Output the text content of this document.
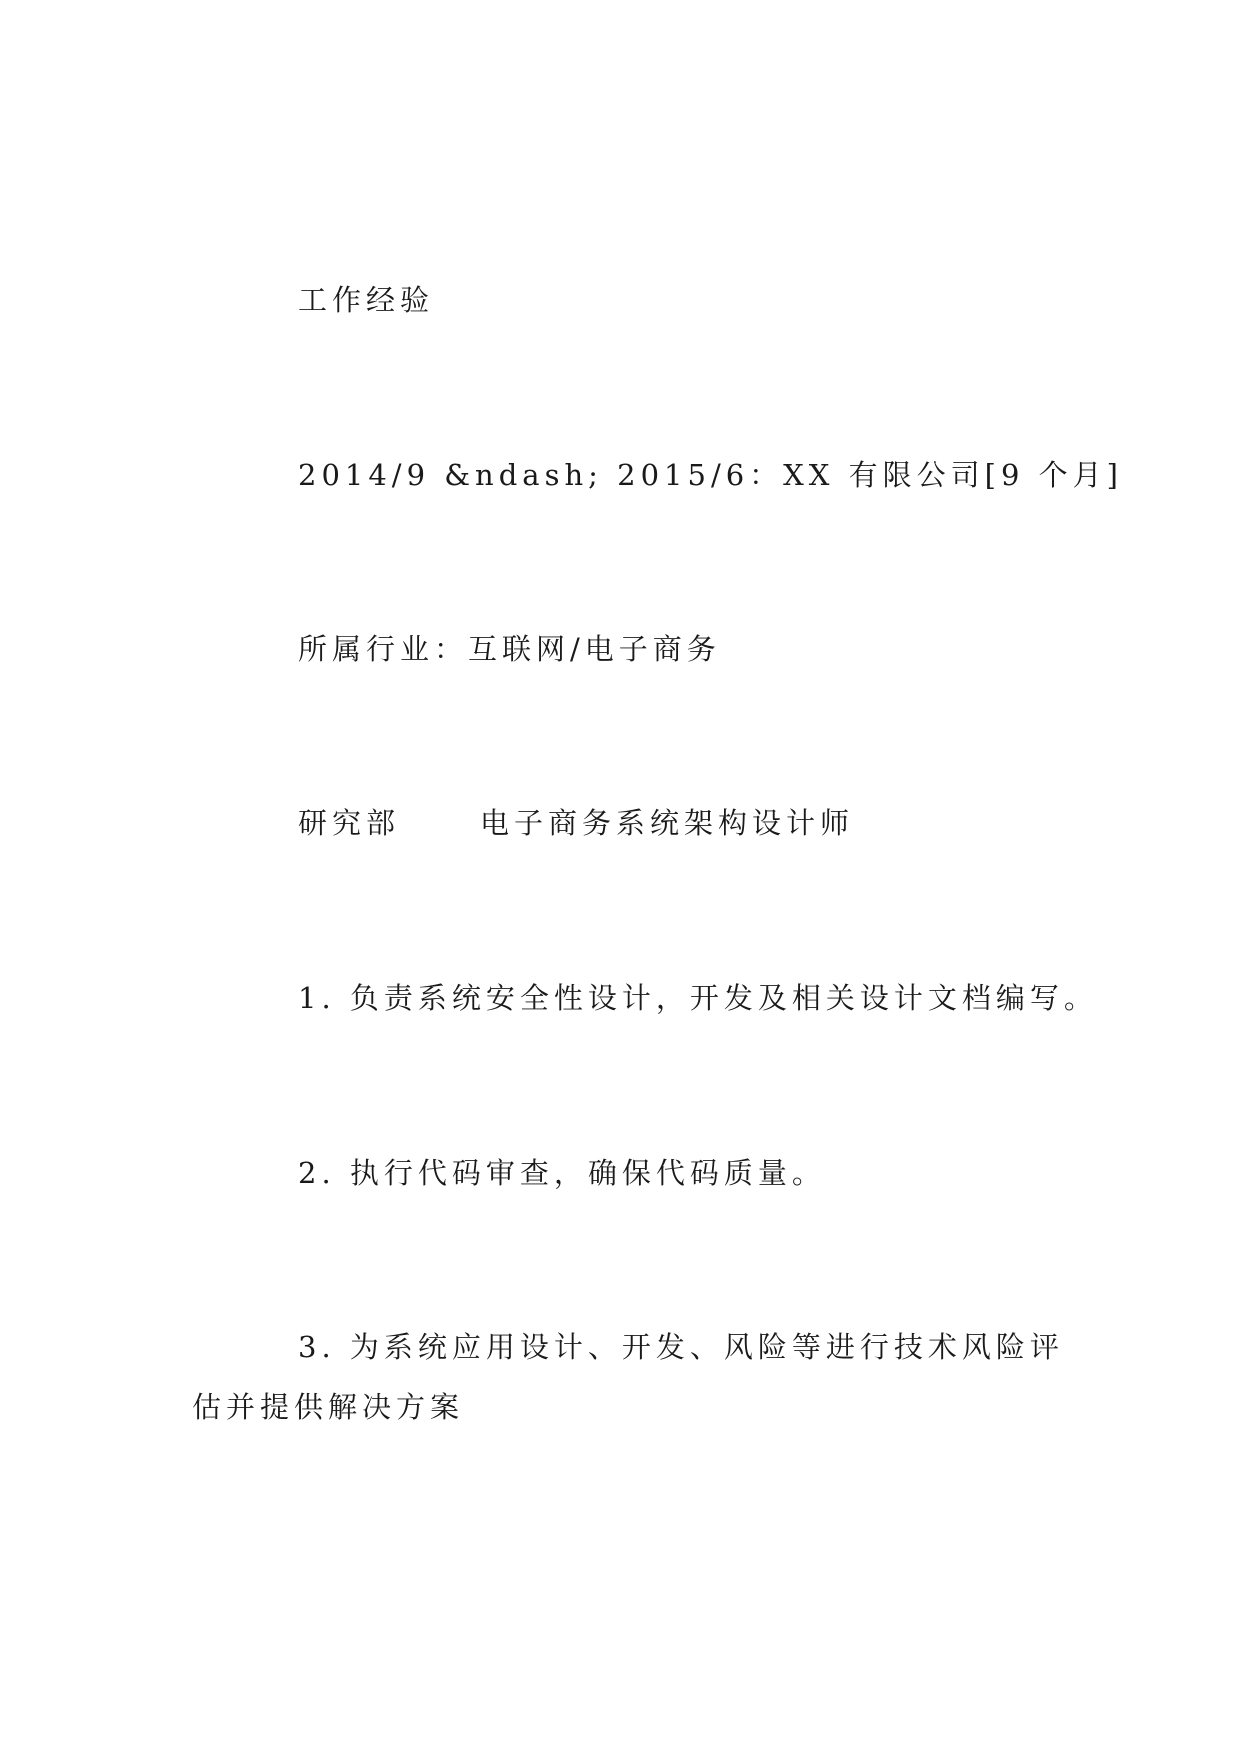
工作经验
2014/9 &ndash; 2015/6：XX 有限公司[9 个月]
所属行业：互联网/电子商务
研究部	电子商务系统架构设计师
1. 负责系统安全性设计，开发及相关设计文档编写。
2. 执行代码审查，确保代码质量。
3. 为系统应用设计、开发、风险等进行技术风险评
估并提供解决方案
